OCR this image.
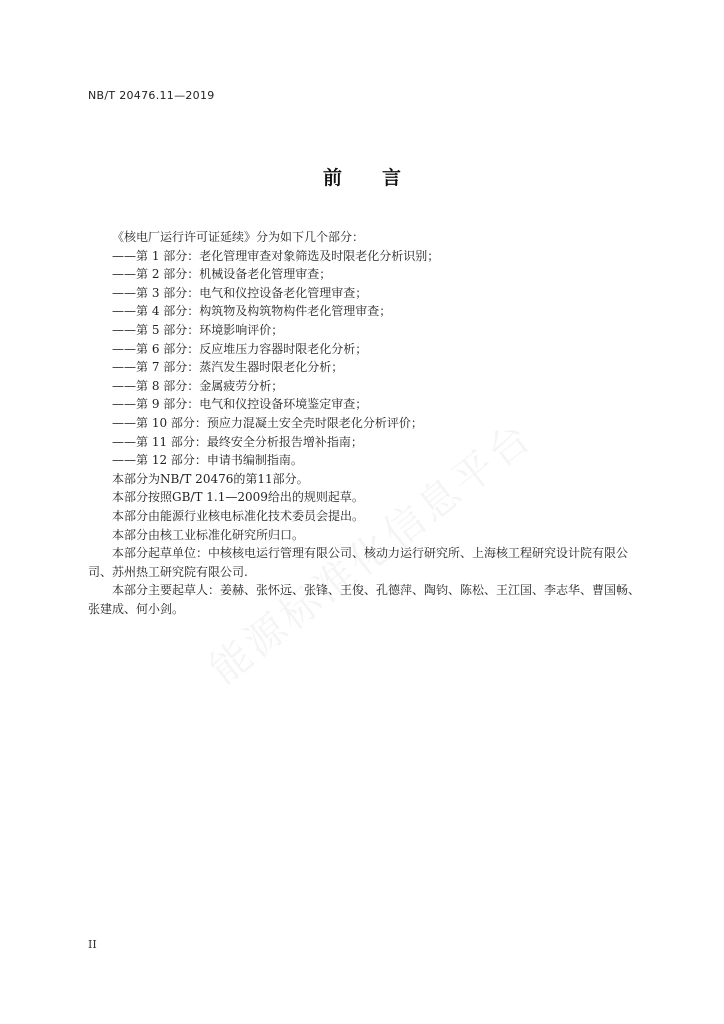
NB/T 20476.11—2019
前 言
《核电厂运行许可证延续》分为如下几个部分：
——第 1 部分：老化管理审查对象筛选及时限老化分析识别；
——第 2 部分：机械设备老化管理审查；
——第 3 部分：电气和仪控设备老化管理审查；
——第 4 部分：构筑物及构筑物构件老化管理审查；
——第 5 部分：环境影响评价；
——第 6 部分：反应堆压力容器时限老化分析；
——第 7 部分：蒸汽发生器时限老化分析；
——第 8 部分：金属疲劳分析；
——第 9 部分：电气和仪控设备环境鉴定审查；
——第 10 部分：预应力混凝土安全壳时限老化分析评价；
——第 11 部分：最终安全分析报告增补指南；
——第 12 部分：申请书编制指南。
本部分为NB/T 20476的第11部分。
本部分按照GB/T 1.1—2009给出的规则起草。
本部分由能源行业核电标准化技术委员会提出。
本部分由核工业标准化研究所归口。
本部分起草单位：中核核电运行管理有限公司、核动力运行研究所、上海核工程研究设计院有限公司、苏州热工研究院有限公司.
本部分主要起草人：姜赫、张怀远、张锋、王俊、孔德萍、陶钧、陈松、王江国、李志华、曹国畅、张建成、何小剑。
II
